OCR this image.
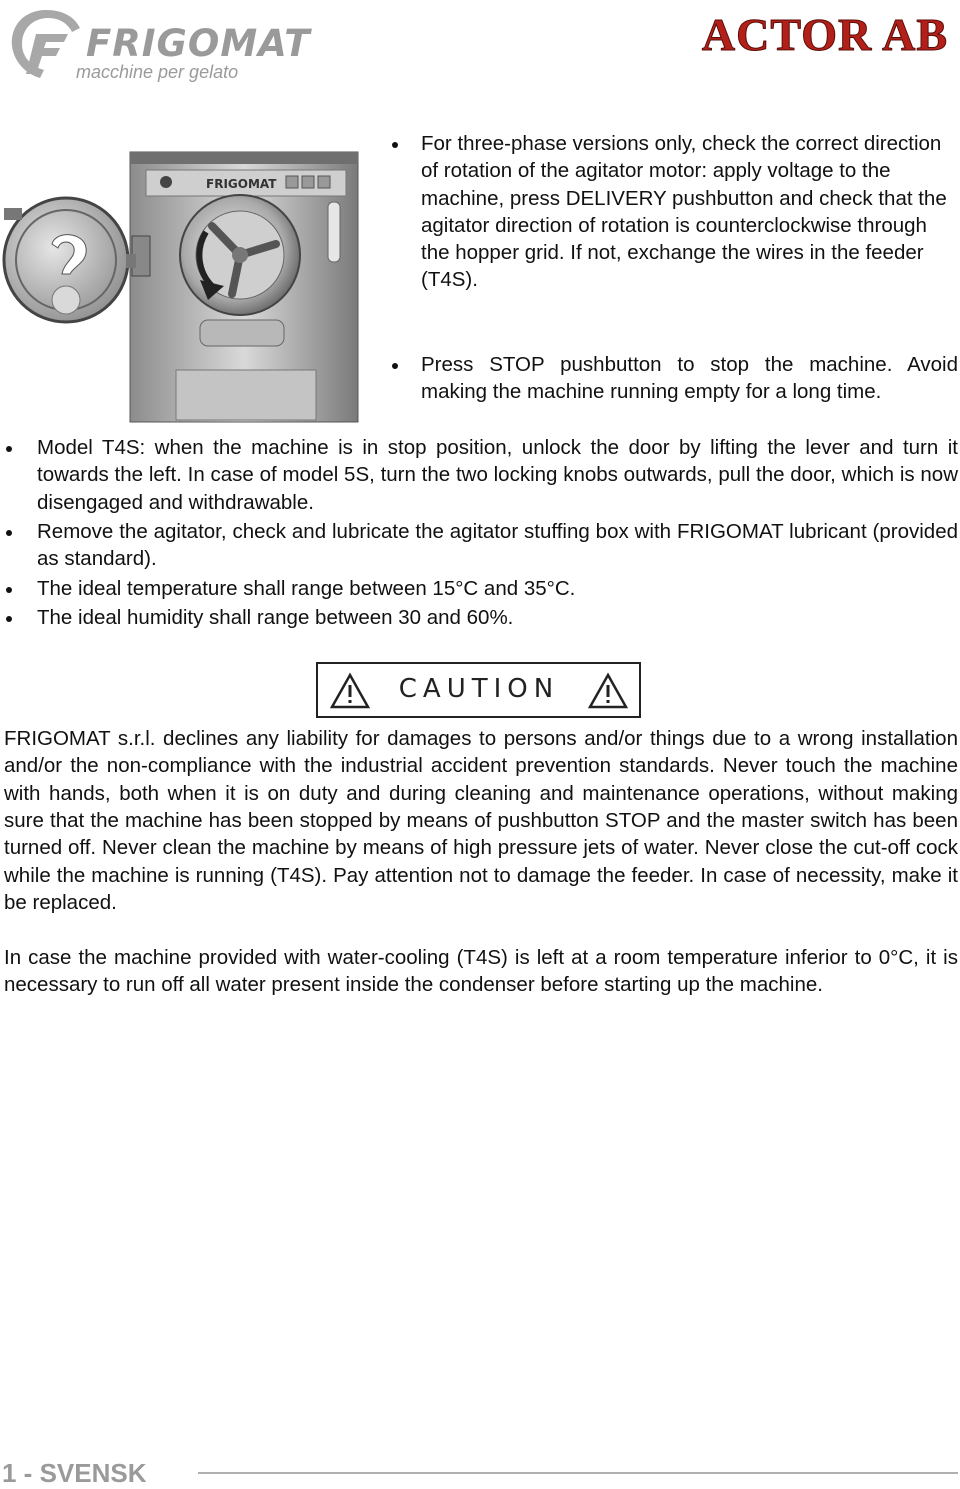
FRIGOMAT
macchine per gelato
ACTOR AB
FRIGOMAT
For three-phase versions only, check the correct direction of rotation of the agitator motor: apply voltage to the machine, press DELIVERY pushbutton and check that the agitator direction of rotation is counterclockwise through the hopper grid. If not, exchange the wires in the feeder (T4S).
Press STOP pushbutton to stop the machine. Avoid making the machine running empty for a long time.
Model T4S: when the machine is in stop position, unlock the door by lifting the lever and turn it towards the left. In case of model 5S, turn the two locking knobs outwards, pull the door, which is now disengaged and withdrawable.
Remove the agitator, check and lubricate the agitator stuffing box with FRIGOMAT lubricant (provided as standard).
The ideal temperature shall range between 15°C and 35°C.
The ideal humidity shall range between 30 and 60%.
CAUTION
FRIGOMAT s.r.l. declines any liability for damages to persons and/or things due to a wrong installation and/or the non-compliance with the industrial accident prevention standards. Never touch the machine with hands, both when it is on duty and during cleaning and maintenance operations, without making sure that the machine has been stopped by means of pushbutton STOP and the master switch has been turned off. Never clean the machine by means of high pressure jets of water. Never close the cut-off cock while the machine is running (T4S). Pay attention not to damage the feeder. In case of necessity, make it be replaced.
In case the machine provided with water-cooling (T4S) is left at a room temperature inferior to 0°C, it is necessary to run off all water present inside the condenser before starting up the machine.
1 - SVENSK
